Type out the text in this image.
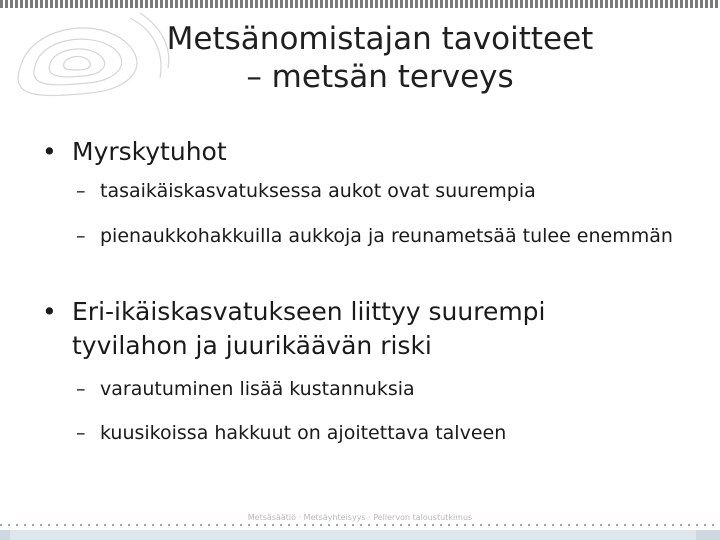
Metsänomistajan tavoitteet
– metsän terveys
• Myrskytuhot
– tasaikäiskasvatuksessa aukot ovat suurempia
– pienaukkohakkuilla aukkoja ja reunametsää tulee enemmän
• Eri-ikäiskasvatukseen liittyy suurempi tyvilahon ja juurikäävän riski
– varautuminen lisää kustannuksia
– kuusikoissa hakkuut on ajoitettava talveen
Metsäsäätiö · Metsäyhteisyys · Pellervon taloustutkimus
